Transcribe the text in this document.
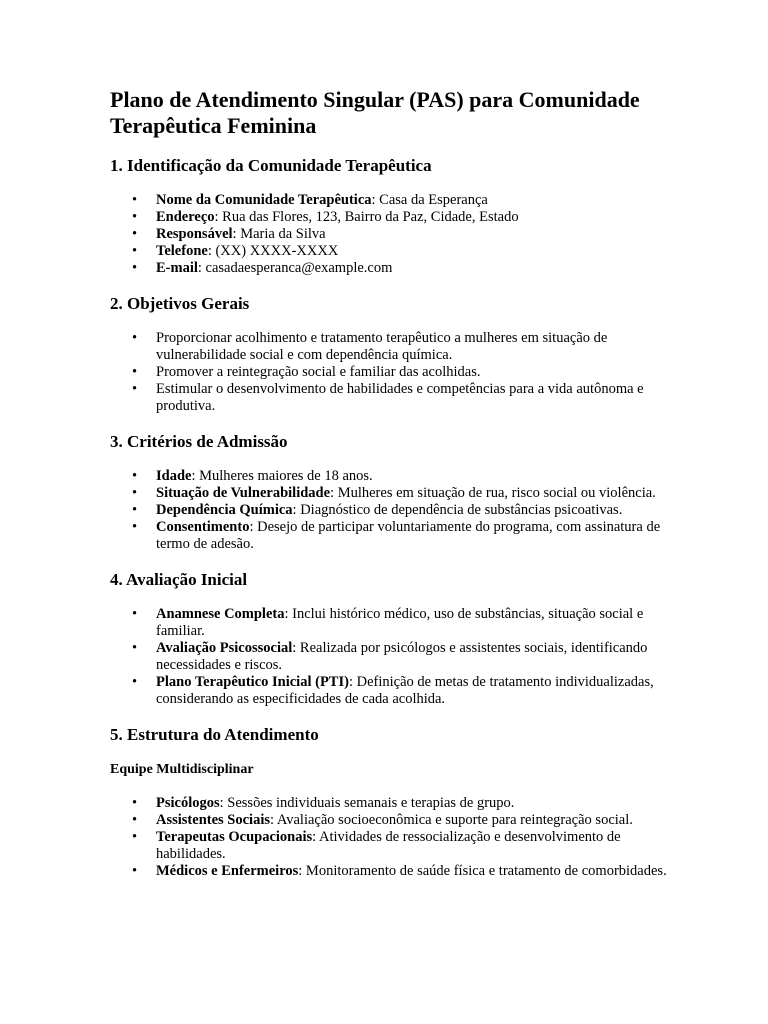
Plano de Atendimento Singular (PAS) para Comunidade Terapêutica Feminina
1. Identificação da Comunidade Terapêutica
• Nome da Comunidade Terapêutica: Casa da Esperança
• Endereço: Rua das Flores, 123, Bairro da Paz, Cidade, Estado
• Responsável: Maria da Silva
• Telefone: (XX) XXXX-XXXX
• E-mail: casadaesperanca@example.com
2. Objetivos Gerais
• Proporcionar acolhimento e tratamento terapêutico a mulheres em situação de vulnerabilidade social e com dependência química.
• Promover a reintegração social e familiar das acolhidas.
• Estimular o desenvolvimento de habilidades e competências para a vida autônoma e produtiva.
3. Critérios de Admissão
• Idade: Mulheres maiores de 18 anos.
• Situação de Vulnerabilidade: Mulheres em situação de rua, risco social ou violência.
• Dependência Química: Diagnóstico de dependência de substâncias psicoativas.
• Consentimento: Desejo de participar voluntariamente do programa, com assinatura de termo de adesão.
4. Avaliação Inicial
• Anamnese Completa: Inclui histórico médico, uso de substâncias, situação social e familiar.
• Avaliação Psicossocial: Realizada por psicólogos e assistentes sociais, identificando necessidades e riscos.
• Plano Terapêutico Inicial (PTI): Definição de metas de tratamento individualizadas, considerando as especificidades de cada acolhida.
5. Estrutura do Atendimento
Equipe Multidisciplinar
• Psicólogos: Sessões individuais semanais e terapias de grupo.
• Assistentes Sociais: Avaliação socioeconômica e suporte para reintegração social.
• Terapeutas Ocupacionais: Atividades de ressocialização e desenvolvimento de habilidades.
• Médicos e Enfermeiros: Monitoramento de saúde física e tratamento de comorbidades.
